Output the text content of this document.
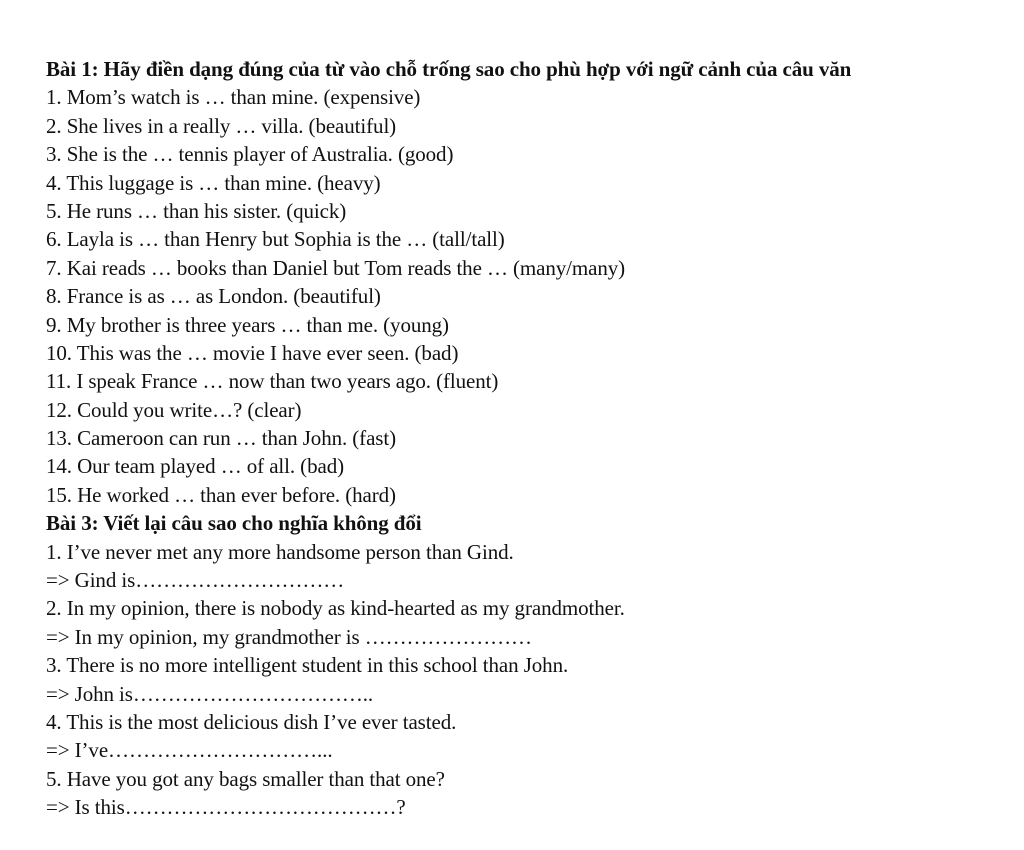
Bài 1: Hãy điền dạng đúng của từ vào chỗ trống sao cho phù hợp với ngữ cảnh của câu văn
1. Mom’s watch is … than mine. (expensive)
2. She lives in a really … villa. (beautiful)
3. She is the … tennis player of Australia. (good)
4. This luggage is … than mine. (heavy)
5. He runs … than his sister. (quick)
6. Layla is … than Henry but Sophia is the … (tall/tall)
7. Kai reads … books than Daniel but Tom reads the … (many/many)
8. France is as … as London. (beautiful)
9. My brother is three years … than me. (young)
10. This was the … movie I have ever seen. (bad)
11. I speak France … now than two years ago. (fluent)
12. Could you write…? (clear)
13. Cameroon can run … than John. (fast)
14. Our team played … of all. (bad)
15. He worked … than ever before. (hard)
Bài 3: Viết lại câu sao cho nghĩa không đổi
1. I’ve never met any more handsome person than Gind.
=> Gind is…………………………
2. In my opinion, there is nobody as kind-hearted as my grandmother.
=> In my opinion, my grandmother is ……………………
3. There is no more intelligent student in this school than John.
=> John is……………………………..
4. This is the most delicious dish I’ve ever tasted.
=> I’ve…………………………...
5. Have you got any bags smaller than that one?
=> Is this…………………………………?
